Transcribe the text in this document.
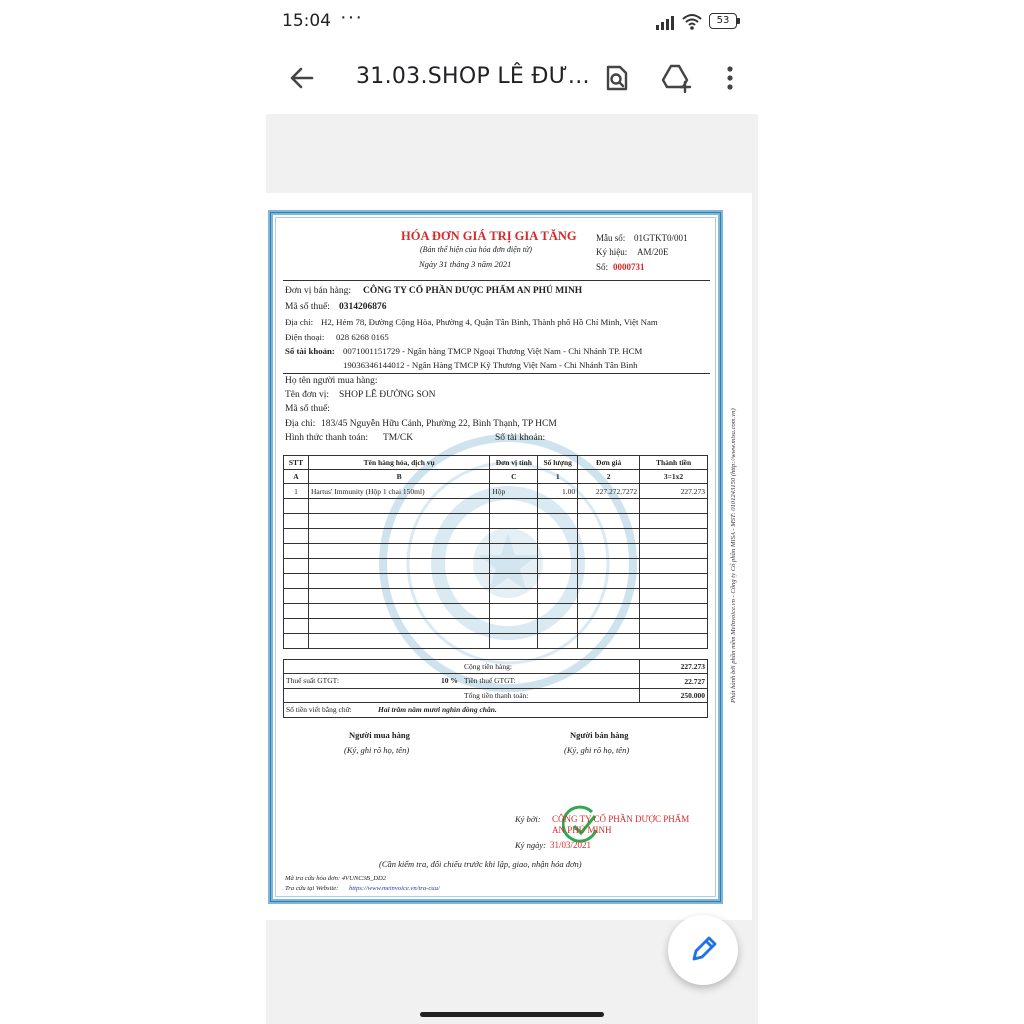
15:04 ···	53
31.03.SHOP LÊ ĐƯ...
HÓA ĐƠN GIÁ TRỊ GIA TĂNG
(Bản thể hiện của hóa đơn điện tử)
Ngày 31 tháng 3 năm 2021
Mẫu số: 01GTKT0/001
Ký hiệu: AM/20E
Số: 0000731
Đơn vị bán hàng: CÔNG TY CỔ PHẦN DƯỢC PHẨM AN PHÚ MINH
Mã số thuế: 0314206876
Địa chỉ: H2, Hẻm 78, Đường Cộng Hòa, Phường 4, Quận Tân Bình, Thành phố Hồ Chí Minh, Việt Nam
Điện thoại: 028 6268 0165
Số tài khoản: 0071001151729 - Ngân hàng TMCP Ngoại Thương Việt Nam - Chi Nhánh TP. HCM
19036346144012 - Ngân Hàng TMCP Kỹ Thương Việt Nam - Chi Nhánh Tân Bình
Họ tên người mua hàng:
Tên đơn vị: SHOP LÊ ĐƯỜNG SON
Mã số thuế:
Địa chỉ: 183/45 Nguyễn Hữu Cảnh, Phường 22, Bình Thạnh, TP HCM
Hình thức thanh toán: TM/CK	Số tài khoản:
STT	Tên hàng hóa, dịch vụ	Đơn vị tính	Số lượng	Đơn giá	Thành tiền
A	B	C	1	2	3=1x2
1	Hartus' Immunity (Hộp 1 chai 150ml)	Hộp	1.00	227.272,7272	227.273

Cộng tiền hàng:	227.273

Thuế suất GTGT: 10 % Tiền thuế GTGT:	22.727
Tổng tiền thanh toán:	250.000

Số tiền viết bằng chữ: Hai trăm năm mươi nghìn đồng chẵn.	
Người mua hàng
(Ký, ghi rõ họ, tên)
Người bán hàng
(Ký, ghi rõ họ, tên)
Ký bởi: CÔNG TY CỔ PHẦN DƯỢC PHẨM
AN PHÚ MINH
Ký ngày: 31/03/2021
(Cần kiểm tra, đối chiếu trước khi lập, giao, nhận hóa đơn)
Mã tra cứu hóa đơn: 4VUNC3B_DD2
Tra cứu tại Website: https://www.meinvoice.vn/tra-cuu/
Phát hành bởi phần mềm MeInvoice.vn - Công ty Cổ phần MISA - MST: 0101243150 (http://www.misa.com.vn)
